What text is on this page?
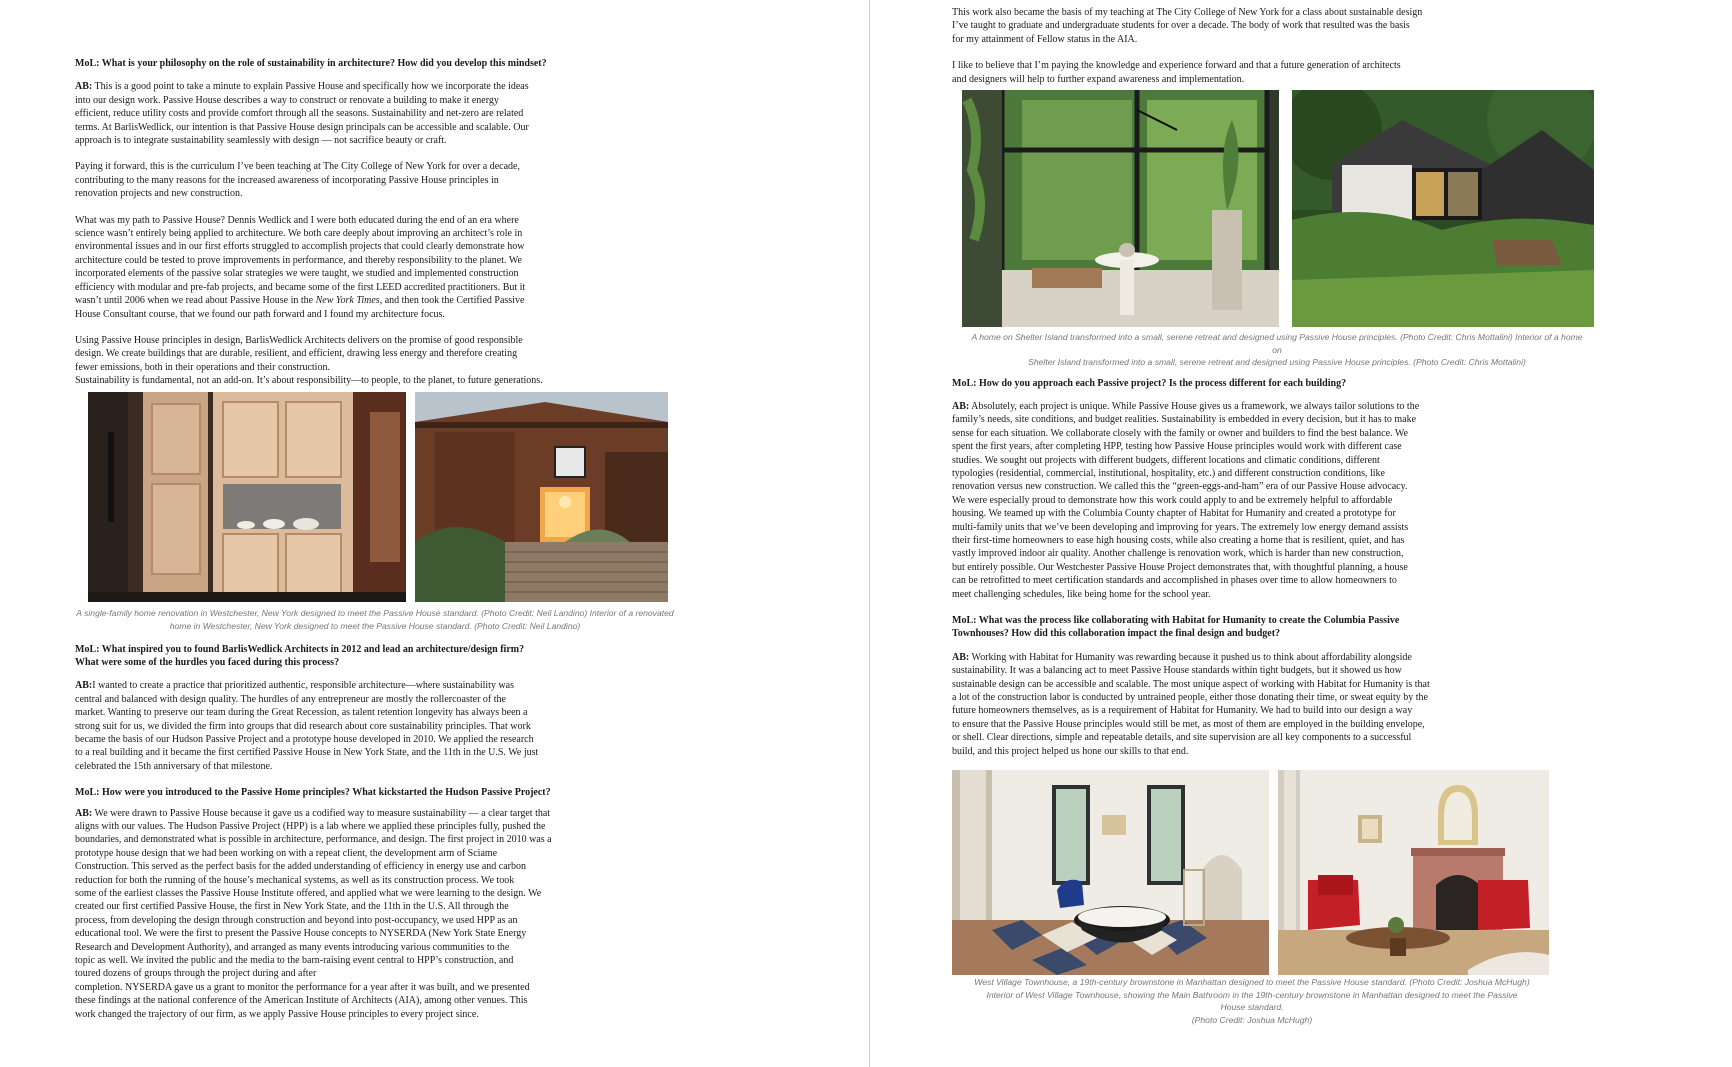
MoL: What is your philosophy on the role of sustainability in architecture? How did you develop this mindset?

AB: This is a good point to take a minute to explain Passive House and specifically how we incorporate the ideas
into our design work. Passive House describes a way to construct or renovate a building to make it energy
efficient, reduce utility costs and provide comfort through all the seasons. Sustainability and net-zero are related
terms. At BarlisWedlick, our intention is that Passive House design principals can be accessible and scalable. Our
approach is to integrate sustainability seamlessly with design — not sacrifice beauty or craft.

Paying it forward, this is the curriculum I’ve been teaching at The City College of New York for over a decade,
contributing to the many reasons for the increased awareness of incorporating Passive House principles in
renovation projects and new construction.

What was my path to Passive House? Dennis Wedlick and I were both educated during the end of an era where
science wasn’t entirely being applied to architecture. We both care deeply about improving an architect’s role in
environmental issues and in our first efforts struggled to accomplish projects that could clearly demonstrate how
architecture could be tested to prove improvements in performance, and thereby responsibility to the planet. We
incorporated elements of the passive solar strategies we were taught, we studied and implemented construction
efficiency with modular and pre-fab projects, and became some of the first LEED accredited practitioners. But it
wasn’t until 2006 when we read about Passive House in the New York Times, and then took the Certified Passive
House Consultant course, that we found our path forward and I found my architecture focus.

Using Passive House principles in design, BarlisWedlick Architects delivers on the promise of good responsible
design. We create buildings that are durable, resilient, and efficient, drawing less energy and therefore creating
fewer emissions, both in their operations and their construction.

Sustainability is fundamental, not an add-on. It’s about responsibility—to people, to the planet, to future generations.

A single-family home renovation in Westchester, New York designed to meet the Passive House standard. (Photo Credit: Neil Landino) Interior of a renovated
home in Westchester, New York designed to meet the Passive House standard. (Photo Credit: Neil Landino)

MoL: What inspired you to found BarlisWedlick Architects in 2012 and lead an architecture/design firm?
What were some of the hurdles you faced during this process?

AB:I wanted to create a practice that prioritized authentic, responsible architecture—where sustainability was
central and balanced with design quality. The hurdles of any entrepreneur are mostly the rollercoaster of the
market. Wanting to preserve our team during the Great Recession, as talent retention longevity has always been a
strong suit for us, we divided the firm into groups that did research about core sustainability principles. That work
became the basis of our Hudson Passive Project and a prototype house developed in 2010. We applied the research
to a real building and it became the first certified Passive House in New York State, and the 11th in the U.S. We just
celebrated the 15th anniversary of that milestone.

MoL: How were you introduced to the Passive Home principles? What kickstarted the Hudson Passive Project?

AB: We were drawn to Passive House because it gave us a codified way to measure sustainability — a clear target that
aligns with our values. The Hudson Passive Project (HPP) is a lab where we applied these principles fully, pushed the
boundaries, and demonstrated what is possible in architecture, performance, and design. The first project in 2010 was a
prototype house design that we had been working on with a repeat client, the development arm of Sciame
Construction. This served as the perfect basis for the added understanding of efficiency in energy use and carbon
reduction for both the running of the house’s mechanical systems, as well as its construction process. We took
some of the earliest classes the Passive House Institute offered, and applied what we were learning to the design. We
created our first certified Passive House, the first in New York State, and the 11th in the U.S. All through the
process, from developing the design through construction and beyond into post-occupancy, we used HPP as an
educational tool. We were the first to present the Passive House concepts to NYSERDA (New York State Energy
Research and Development Authority), and arranged as many events introducing various communities to the
topic as well. We invited the public and the media to the barn-raising event central to HPP’s construction, and
toured dozens of groups through the project during and after
completion. NYSERDA gave us a grant to monitor the performance for a year after it was built, and we presented
these findings at the national conference of the American Institute of Architects (AIA), among other venues. This
work changed the trajectory of our firm, as we apply Passive House principles to every project since.

This work also became the basis of my teaching at The City College of New York for a class about sustainable design
I’ve taught to graduate and undergraduate students for over a decade. The body of work that resulted was the basis
for my attainment of Fellow status in the AIA.

I like to believe that I’m paying the knowledge and experience forward and that a future generation of architects
and designers will help to further expand awareness and implementation.

A home on Shelter Island transformed into a small, serene retreat and designed using Passive House principles. (Photo Credit: Chris Mottalini) Interior of a home
on
Shelter Island transformed into a small, serene retreat and designed using Passive House principles. (Photo Credit: Chris Mottalini)

MoL: How do you approach each Passive project? Is the process different for each building?

AB: Absolutely, each project is unique. While Passive House gives us a framework, we always tailor solutions to the
family’s needs, site conditions, and budget realities. Sustainability is embedded in every decision, but it has to make
sense for each situation. We collaborate closely with the family or owner and builders to find the best balance. We
spent the first years, after completing HPP, testing how Passive House principles would work with different case
studies. We sought out projects with different budgets, different locations and climatic conditions, different
typologies (residential, commercial, institutional, hospitality, etc.) and different construction conditions, like
renovation versus new construction. We called this the “green-eggs-and-ham” era of our Passive House advocacy.
We were especially proud to demonstrate how this work could apply to and be extremely helpful to affordable
housing. We teamed up with the Columbia County chapter of Habitat for Humanity and created a prototype for
multi-family units that we’ve been developing and improving for years. The extremely low energy demand assists
their first-time homeowners to ease high housing costs, while also creating a home that is resilient, quiet, and has
vastly improved indoor air quality. Another challenge is renovation work, which is harder than new construction,
but entirely possible. Our Westchester Passive House Project demonstrates that, with thoughtful planning, a house
can be retrofitted to meet certification standards and accomplished in phases over time to allow homeowners to
meet challenging schedules, like being home for the school year.

MoL: What was the process like collaborating with Habitat for Humanity to create the Columbia Passive
Townhouses? How did this collaboration impact the final design and budget?

AB: Working with Habitat for Humanity was rewarding because it pushed us to think about affordability alongside
sustainability. It was a balancing act to meet Passive House standards within tight budgets, but it showed us how
sustainable design can be accessible and scalable. The most unique aspect of working with Habitat for Humanity is that
a lot of the construction labor is conducted by untrained people, either those donating their time, or sweat equity by the
future homeowners themselves, as is a requirement of Habitat for Humanity. We had to build into our design a way
to ensure that the Passive House principles would still be met, as most of them are employed in the building envelope,
or shell. Clear directions, simple and repeatable details, and site supervision are all key components to a successful
build, and this project helped us hone our skills to that end.

West Village Townhouse, a 19th-century brownstone in Manhattan designed to meet the Passive House standard. (Photo Credit: Joshua McHugh)
Interior of West Village Townhouse, showing the Main Bathroom in the 19th-century brownstone in Manhattan designed to meet the Passive
House standard.
(Photo Credit: Joshua McHugh)
